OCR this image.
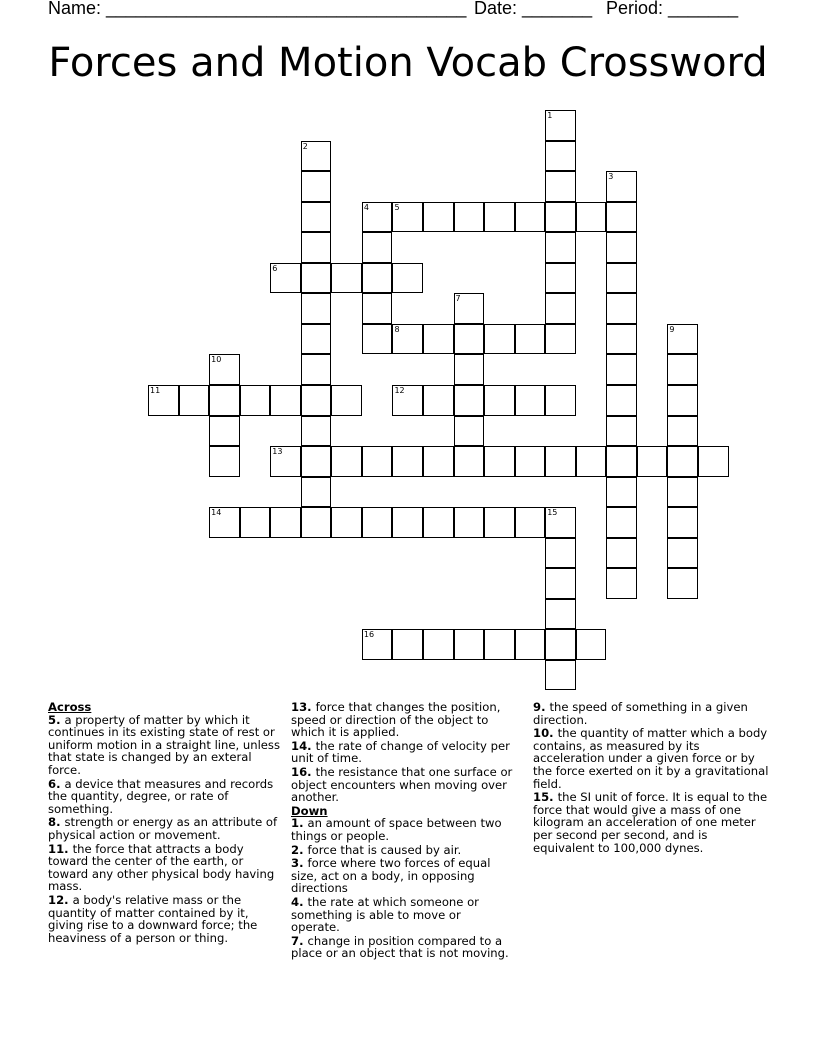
Name: ____________________________________ Date: _______ Period: _______
Forces and Motion Vocab Crossword
5
6
8
11	12
13
14
16
1
2
3
4
7
9
10
15
Across
5. a property of matter by which it continues in its existing state of rest or uniform motion in a straight line, unless that state is changed by an exteral force.
6. a device that measures and records the quantity, degree, or rate of something.
8. strength or energy as an attribute of physical action or movement.
11. the force that attracts a body toward the center of the earth, or toward any other physical body having mass.
12. a body's relative mass or the quantity of matter contained by it, giving rise to a downward force; the heaviness of a person or thing.
13. force that changes the position, speed or direction of the object to which it is applied.
14. the rate of change of velocity per unit of time.
16. the resistance that one surface or object encounters when moving over another.
Down
1. an amount of space between two things or people.
2. force that is caused by air.
3. force where two forces of equal size, act on a body, in opposing directions
4. the rate at which someone or something is able to move or operate.
7. change in position compared to a place or an object that is not moving.
9. the speed of something in a given direction.
10. the quantity of matter which a body contains, as measured by its acceleration under a given force or by the force exerted on it by a gravitational field.
15. the SI unit of force. It is equal to the force that would give a mass of one kilogram an acceleration of one meter per second per second, and is equivalent to 100,000 dynes.
